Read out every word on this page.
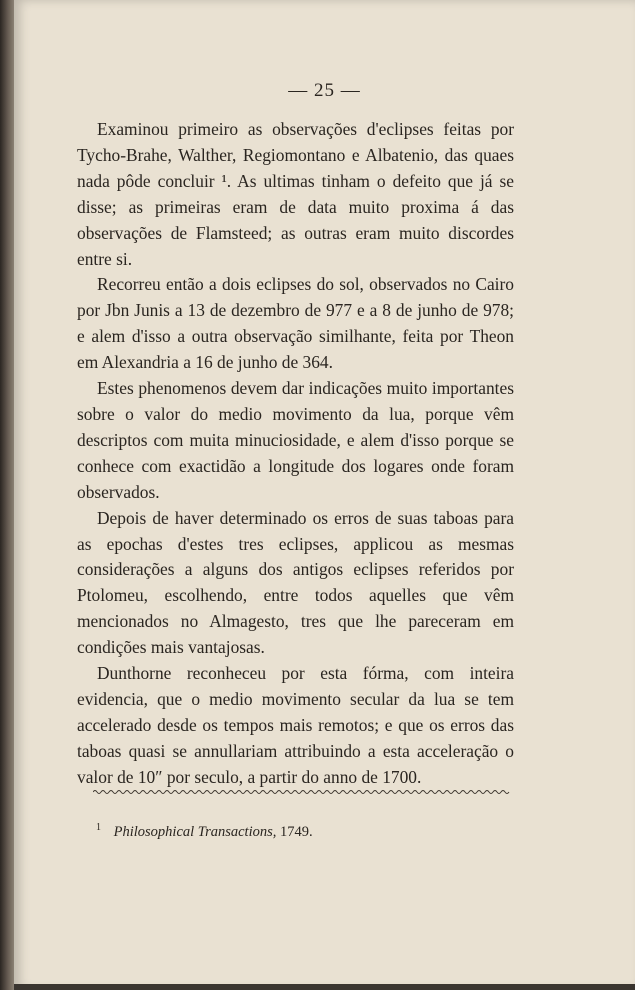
— 25 —

Examinou primeiro as observações d'eclipses feitas por Tycho-Brahe, Walther, Regiomontano e Albatenio, das quaes nada pôde concluir ¹. As ultimas tinham o defeito que já se disse; as primeiras eram de data muito proxima á das observações de Flamsteed; as outras eram muito discordes entre si.

Recorreu então a dois eclipses do sol, observados no Cairo por Jbn Junis a 13 de dezembro de 977 e a 8 de junho de 978; e alem d'isso a outra observação similhante, feita por Theon em Alexandria a 16 de junho de 364.

Estes phenomenos devem dar indicações muito importantes sobre o valor do medio movimento da lua, porque vêm descriptos com muita minuciosidade, e alem d'isso porque se conhece com exactidão a longitude dos logares onde foram observados.

Depois de haver determinado os erros de suas taboas para as epochas d'estes tres eclipses, applicou as mesmas considerações a alguns dos antigos eclipses referidos por Ptolomeu, escolhendo, entre todos aquelles que vêm mencionados no Almagesto, tres que lhe pareceram em condições mais vantajosas.

Dunthorne reconheceu por esta fórma, com inteira evidencia, que o medio movimento secular da lua se tem accelerado desde os tempos mais remotos; e que os erros das taboas quasi se annullariam attribuindo a esta acceleração o valor de 10″ por seculo, a partir do anno de 1700.

$^1$ Philosophical Transactions, 1749.
